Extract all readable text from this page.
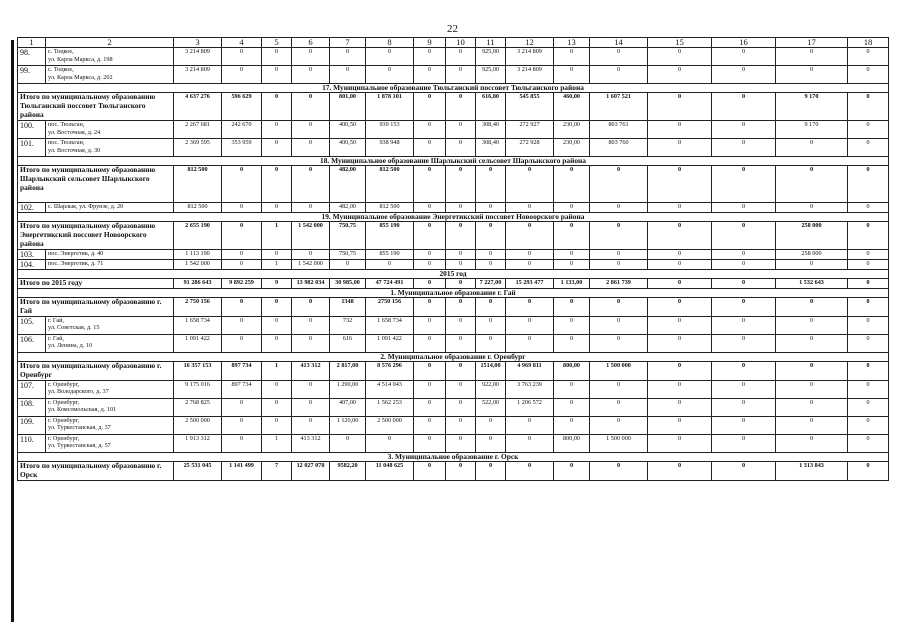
22
1	2	3	4	5	6	7	8	9	10	11	12	13	14	15	16	17	18
98.	с. Тоцкое,
ул. Карла Маркса, д. 198	3 214 809	0	0	0	0	0	0	0	925,00	3 214 809	0	0	0	0	0	0
99.	с. Тоцкое,
ул. Карла Маркса, д. 202	3 214 809	0	0	0	0	0	0	0	925,00	3 214 809	0	0	0	0	0	0
17. Муниципальное образование Тюльганский поссовет Тюльганского района																	
Итого по муниципальному образованию Тюльганский поссовет Тюльганского района		4 637 276	596 629	0	0	801,00	1 878 101	0	0	616,80	545 855	460,00	1 607 521	0	0	9 170	0
100.	пос. Тюльган,
ул. Восточная, д. 24	2 267 681	242 670	0	0	400,50	939 153	0	0	308,40	272 927	230,00	803 761	0	0	9 170	0
101.	пос. Тюльган,
ул. Восточная, д. 30	2 369 595	353 959	0	0	400,50	938 948	0	0	308,40	272 928	230,00	803 760	0	0	0	0
18. Муниципальное образование Шарлыкский сельсовет Шарлыкского района																	
Итого по муниципальному образованию Шарлыкский сельсовет Шарлыкского района		812 500	0	0	0	482,00	812 500	0	0	0	0	0	0	0	0	0	0
102.	с. Шарлык, ул. Фрунзе, д. 20	812 500	0	0	0	482,00	812 500	0	0	0	0	0	0	0	0	0	0
19. Муниципальное образование Энергетикский поссовет Новоорского района																	
Итого по муниципальному образованию Энергетикский поссовет Новоорского района		2 655 190	0	1	1 542 000	750,75	855 190	0	0	0	0	0	0	0	0	258 000	0
103.	пос. Энергетик, д. 40	1 113 190	0	0	0	750,75	855 190	0	0	0	0	0	0	0	0	258 000	0
104.	пос. Энергетик, д. 71	1 542 000	0	1	1 542 000	0	0	0	0	0	0	0	0	0	0	0	0
2015 год																	
Итого по 2015 году		91 286 643	9 892 259	9	13 982 034	30 985,00	47 724 491	0	0	7 227,00	15 293 477	1 133,00	2 861 739	0	0	1 532 643	0
1. Муниципальное образование г. Гай																	
Итого по муниципальному образованию г. Гай		2 750 156	0	0	0	1348	2750 156	0	0	0	0	0	0	0	0	0	0
105.	г. Гай,
ул. Советская, д. 15	1 658 734	0	0	0	732	1 658 734	0	0	0	0	0	0	0	0	0	0
106.	г. Гай,
ул. Ленина, д. 10	1 091 422	0	0	0	616	1 091 422	0	0	0	0	0	0	0	0	0	0
2. Муниципальное образование г. Оренбург																	
Итого по муниципальному образованию г. Оренбург		16 357 153	897 734	1	413 312	2 817,00	8 576 296	0	0	1514,00	4 969 811	800,00	1 500 000	0	0	0	0
107.	г. Оренбург,
ул. Володарского, д. 37	9 175 016	897 734	0	0	1 290,00	4 514 043	0	0	922,00	3 763 239	0	0	0	0	0	0
108.	г. Оренбург,
ул. Комсомольская, д. 101	2 768 825	0	0	0	407,00	1 562 253	0	0	522,00	1 206 572	0	0	0	0	0	0
109.	г. Оренбург,
ул. Туркестанская, д. 37	2 500 000	0	0	0	1 120,00	2 500 000	0	0	0	0	0	0	0	0	0	0
110.	г. Оренбург,
ул. Туркестанская, д. 57	1 913 312	0	1	413 312	0	0	0	0	0	0	800,00	1 500 000	0	0	0	0
3. Муниципальное образование г. Орск																	
Итого по муниципальному образованию г. Орск		25 531 045	1 141 499	7	12 027 078	9582,20	11 048 625	0	0	0	0	0	0	0	0	1 313 843	0
